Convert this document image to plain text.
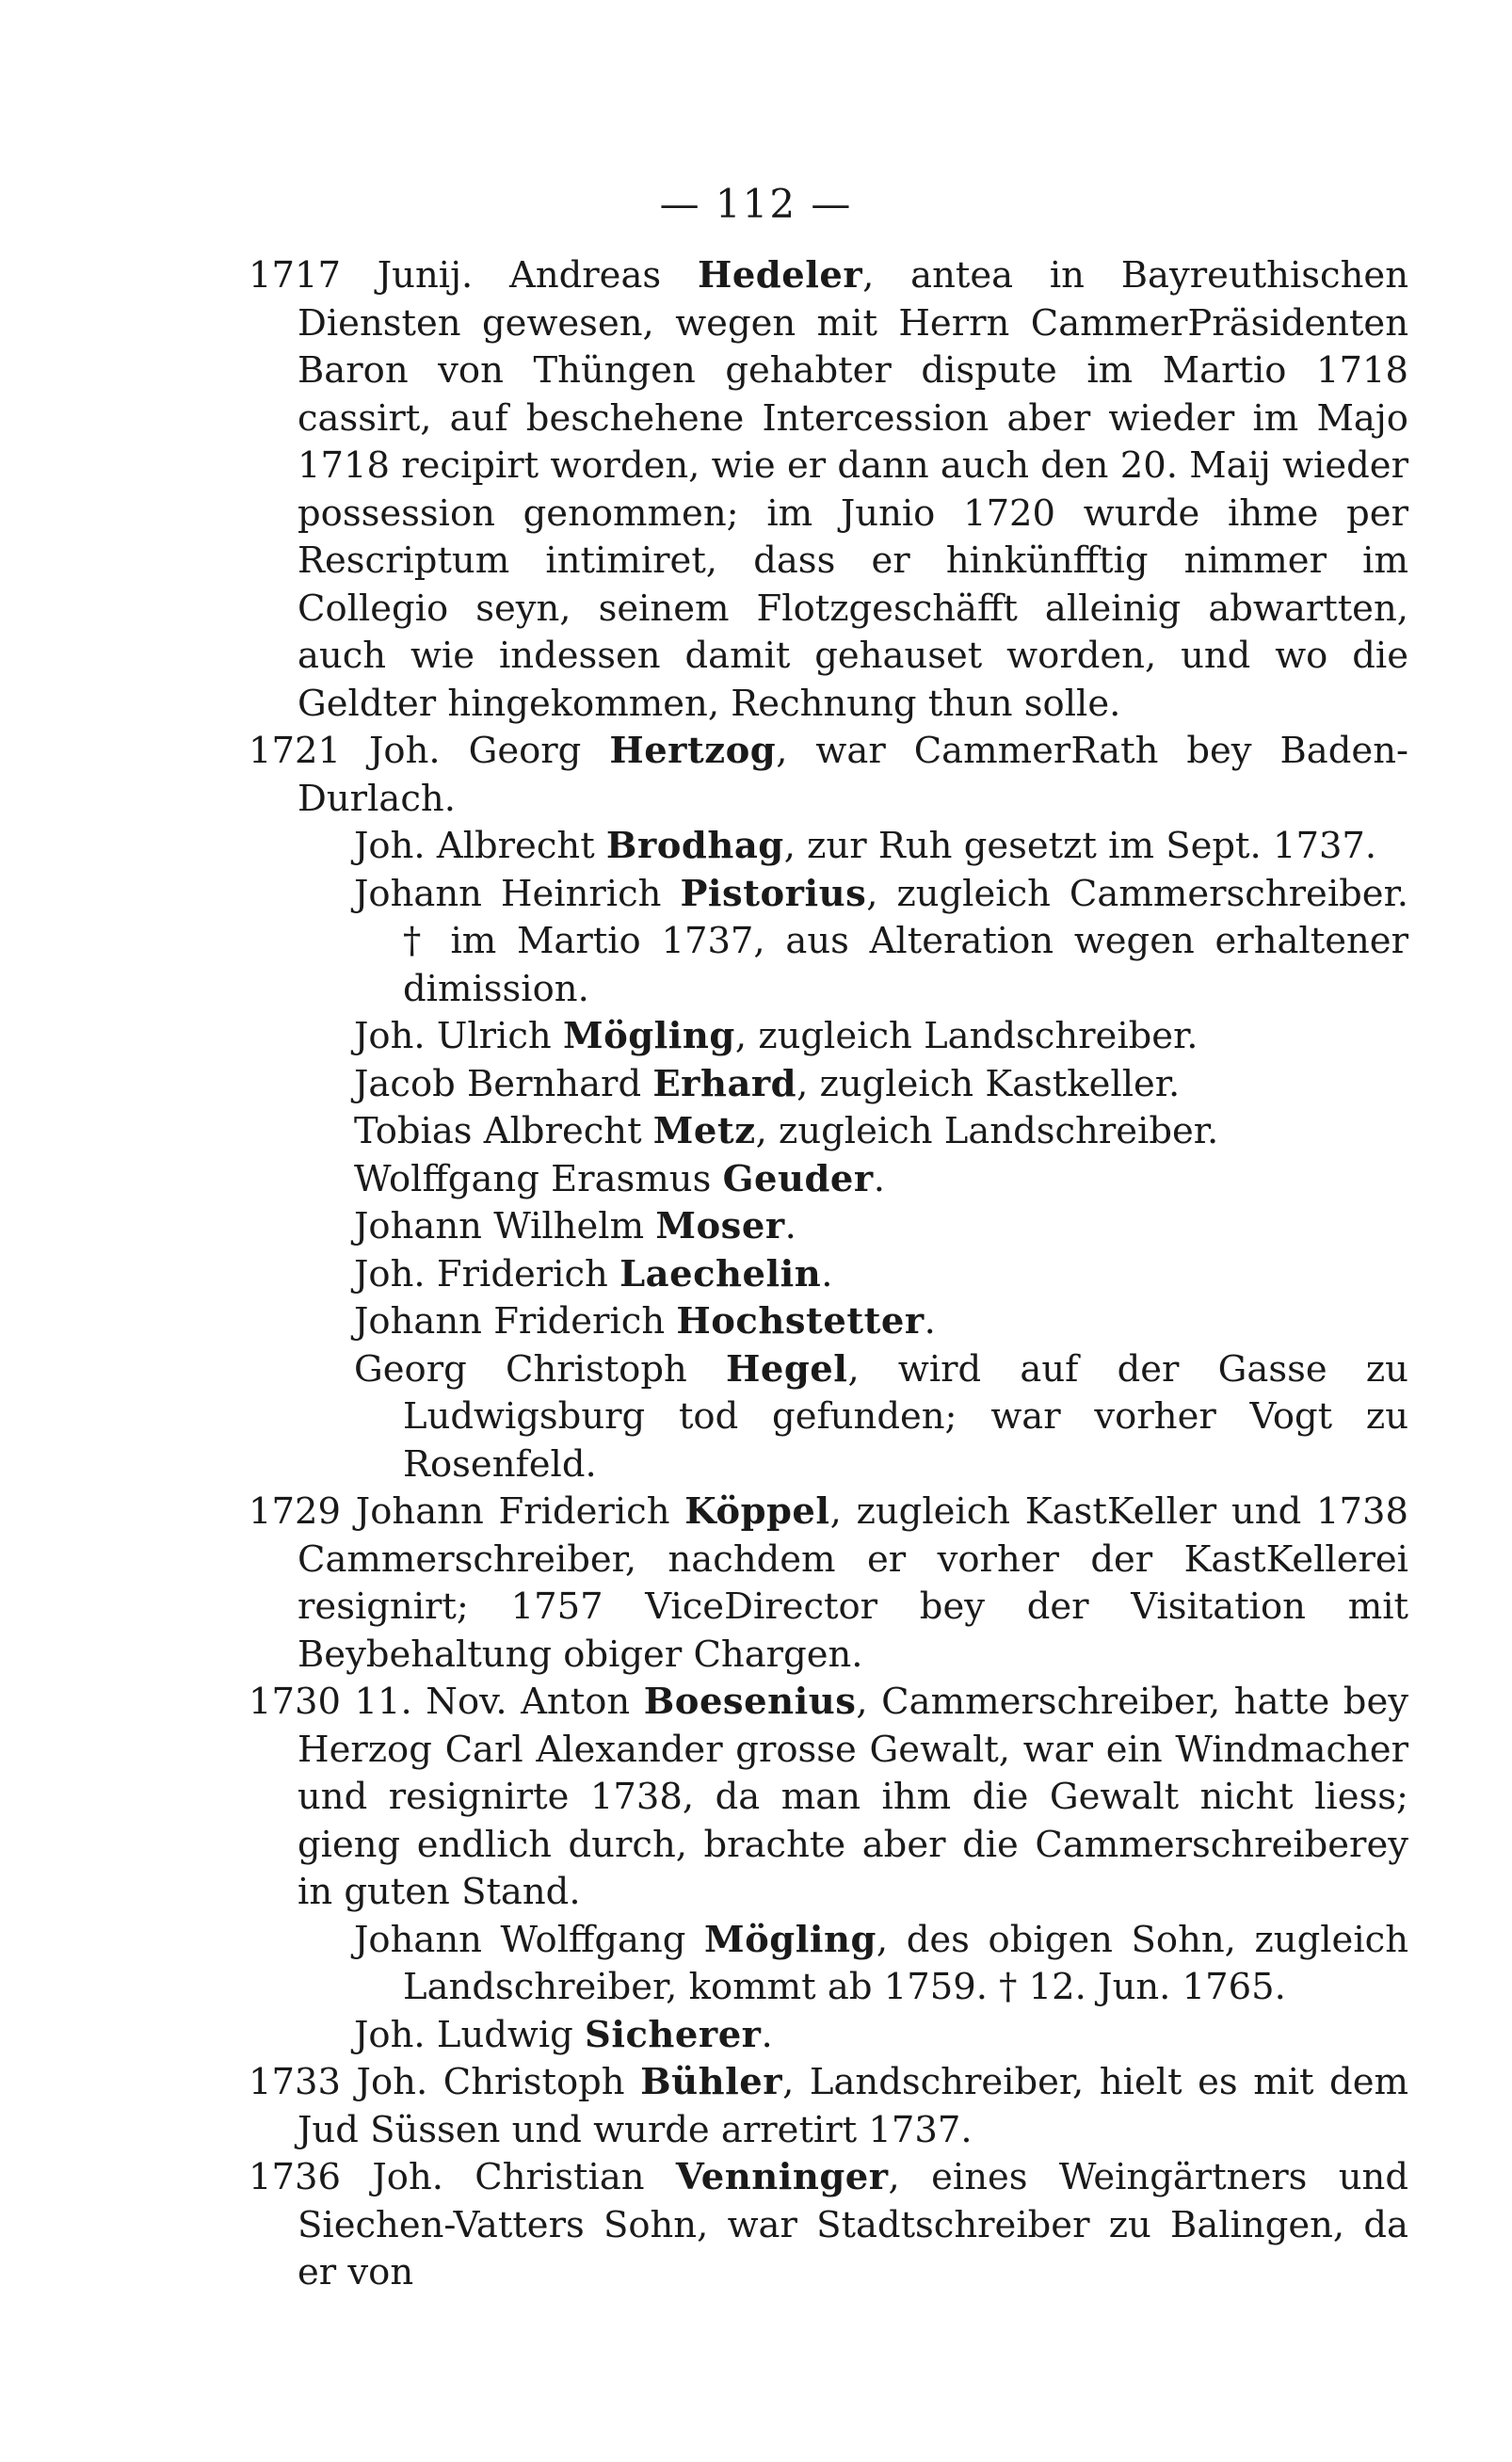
— 112 —

1717 Junij. Andreas Hedeler, antea in Bayreuthischen Diensten gewesen, wegen mit Herrn CammerPräsidenten Baron von Thüngen gehabter dispute im Martio 1718 cassirt, auf beschehene Intercession aber wieder im Majo 1718 recipirt worden, wie er dann auch den 20. Maij wieder possession genommen; im Junio 1720 wurde ihme per Rescriptum intimiret, dass er hinkünfftig nimmer im Collegio seyn, seinem Flotzgeschäfft alleinig abwartten, auch wie indessen damit gehauset worden, und wo die Geldter hingekommen, Rechnung thun solle.

1721 Joh. Georg Hertzog, war CammerRath bey Baden-Durlach.

Joh. Albrecht Brodhag, zur Ruh gesetzt im Sept. 1737.

Johann Heinrich Pistorius, zugleich Cammerschreiber. † im Martio 1737, aus Alteration wegen erhaltener dimission.

Joh. Ulrich Mögling, zugleich Landschreiber.

Jacob Bernhard Erhard, zugleich Kastkeller.

Tobias Albrecht Metz, zugleich Landschreiber.

Wolffgang Erasmus Geuder.

Johann Wilhelm Moser.

Joh. Friderich Laechelin.

Johann Friderich Hochstetter.

Georg Christoph Hegel, wird auf der Gasse zu Ludwigsburg tod gefunden; war vorher Vogt zu Rosenfeld.

1729 Johann Friderich Köppel, zugleich KastKeller und 1738 Cammerschreiber, nachdem er vorher der KastKellerei resignirt; 1757 ViceDirector bey der Visitation mit Beybehaltung obiger Chargen.

1730 11. Nov. Anton Boesenius, Cammerschreiber, hatte bey Herzog Carl Alexander grosse Gewalt, war ein Windmacher und resignirte 1738, da man ihm die Gewalt nicht liess; gieng endlich durch, brachte aber die Cammerschreiberey in guten Stand.

Johann Wolffgang Mögling, des obigen Sohn, zugleich Landschreiber, kommt ab 1759. † 12. Jun. 1765.

Joh. Ludwig Sicherer.

1733 Joh. Christoph Bühler, Landschreiber, hielt es mit dem Jud Süssen und wurde arretirt 1737.

1736 Joh. Christian Venninger, eines Weingärtners und Siechen-Vatters Sohn, war Stadtschreiber zu Balingen, da er von
